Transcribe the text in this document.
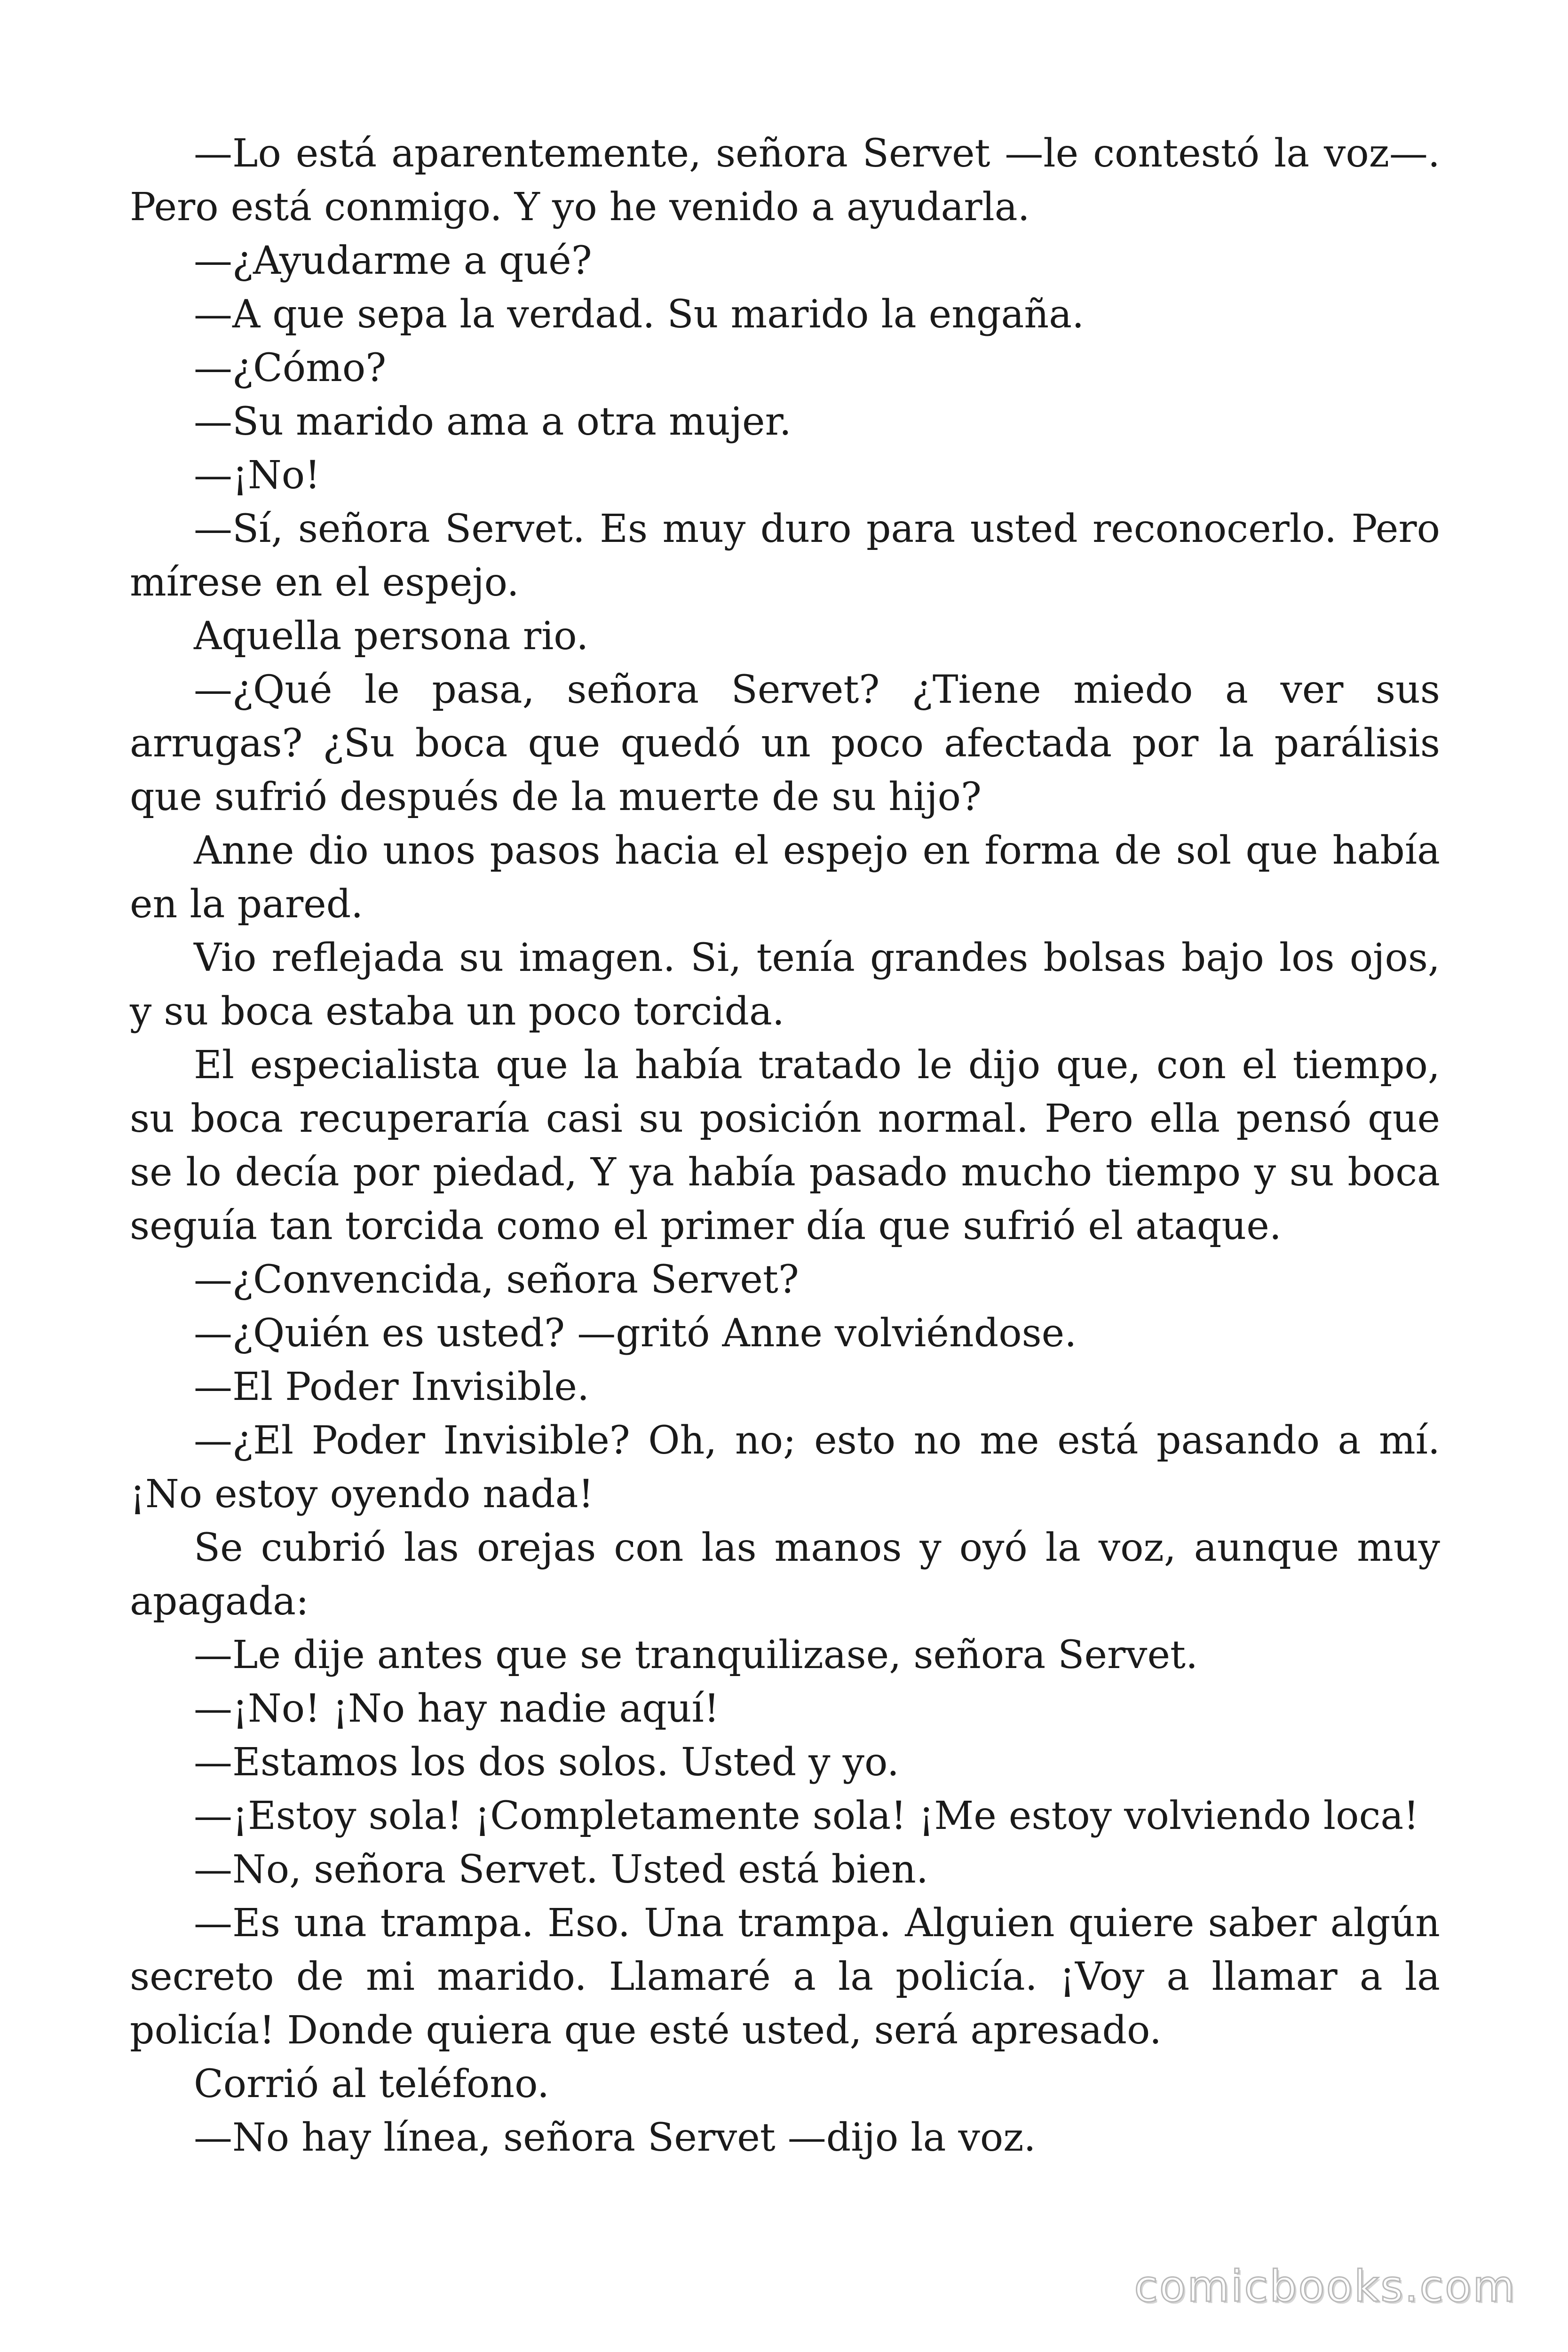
—Lo está aparentemente, señora Servet —le contestó la voz—. Pero está conmigo. Y yo he venido a ayudarla.

—¿Ayudarme a qué?

—A que sepa la verdad. Su marido la engaña.

—¿Cómo?

—Su marido ama a otra mujer.

—¡No!

—Sí, señora Servet. Es muy duro para usted reconocerlo. Pero mírese en el espejo.

Aquella persona rio.

—¿Qué le pasa, señora Servet? ¿Tiene miedo a ver sus arrugas? ¿Su boca que quedó un poco afectada por la parálisis que sufrió después de la muerte de su hijo?

Anne dio unos pasos hacia el espejo en forma de sol que había en la pared.

Vio reflejada su imagen. Si, tenía grandes bolsas bajo los ojos, y su boca estaba un poco torcida.

El especialista que la había tratado le dijo que, con el tiempo, su boca recuperaría casi su posición normal. Pero ella pensó que se lo decía por piedad, Y ya había pasado mucho tiempo y su boca seguía tan torcida como el primer día que sufrió el ataque.

—¿Convencida, señora Servet?

—¿Quién es usted? —gritó Anne volviéndose.

—El Poder Invisible.

—¿El Poder Invisible? Oh, no; esto no me está pasando a mí. ¡No estoy oyendo nada!

Se cubrió las orejas con las manos y oyó la voz, aunque muy apagada:

—Le dije antes que se tranquilizase, señora Servet.

—¡No! ¡No hay nadie aquí!

—Estamos los dos solos. Usted y yo.

—¡Estoy sola! ¡Completamente sola! ¡Me estoy volviendo loca!

—No, señora Servet. Usted está bien.

—Es una trampa. Eso. Una trampa. Alguien quiere saber algún secreto de mi marido. Llamaré a la policía. ¡Voy a llamar a la policía! Donde quiera que esté usted, será apresado.

Corrió al teléfono.

—No hay línea, señora Servet —dijo la voz.

comicbooks.com
